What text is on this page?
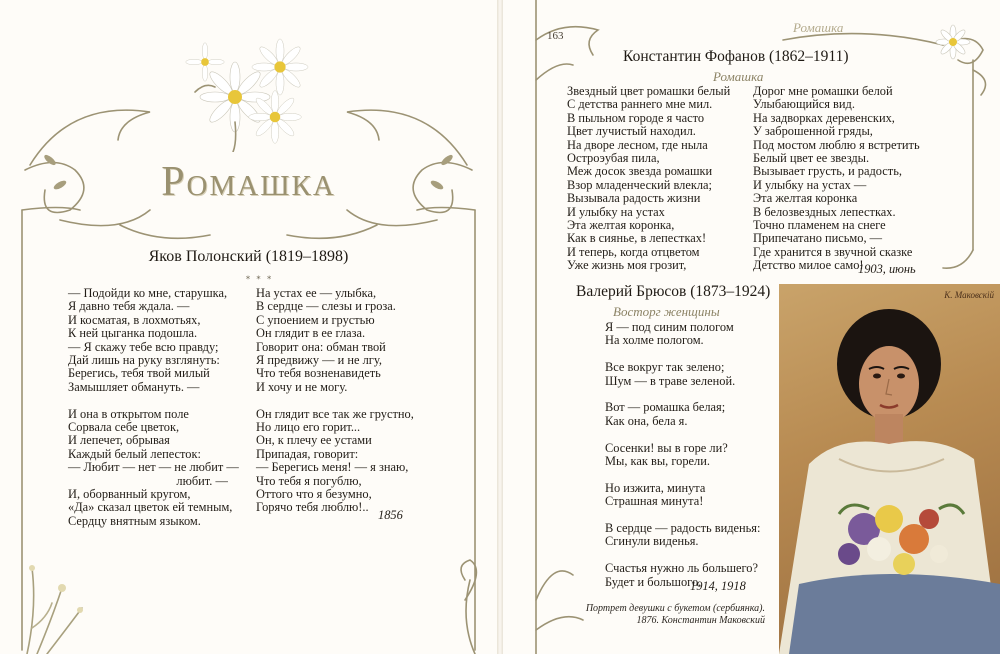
Ромашка
Яков Полонский (1819–1898)
* * *
— Подойди ко мне, старушка,
Я давно тебя ждала. —
И косматая, в лохмотьях,
К ней цыганка подошла.
— Я скажу тебе всю правду;
Дай лишь на руку взглянуть:
Берегись, тебя твой милый
Замышляет обмануть. —
И она в открытом поле
Сорвала себе цветок,
И лепечет, обрывая
Каждый белый лепесток:
— Любит — нет — не любит —
любит. —
И, оборванный кругом,
«Да» сказал цветок ей темным,
Сердцу внятным языком.
На устах ее — улыбка,
В сердце — слезы и гроза.
С упоением и грустью
Он глядит в ее глаза.
Говорит она: обман твой
Я предвижу — и не лгу,
Что тебя возненавидеть
И хочу и не могу.
Он глядит все так же грустно,
Но лицо его горит...
Он, к плечу ее устами
Припадая, говорит:
— Берегись меня! — я знаю,
Что тебя я погублю,
Оттого что я безумно,
Горячо тебя люблю!..
1856
163
Ромашка
Константин Фофанов (1862–1911)
Ромашка
Звездный цвет ромашки белый
С детства раннего мне мил.
В пыльном городе я часто
Цвет лучистый находил.
На дворе лесном, где ныла
Остроэубая пила,
Меж досок звезда ромашки
Взор младенческий влекла;
Вызывала радость жизни
И улыбку на устах
Эта желтая коронка,
Как в сиянье, в лепестках!
И теперь, когда отцветом
Уже жизнь моя грозит,
Дорог мне ромашки белой
Улыбающийся вид.
На задворках деревенских,
У заброшенной гряды,
Под мостом люблю я встретить
Белый цвет ее звезды.
Вызывает грусть, и радость,
И улыбку на устах —
Эта желтая коронка
В белозвездных лепестках.
Точно пламенем на снеге
Припечатано письмо, —
Где хранится в звучной сказке
Детство милое само!
1903, июнь
Валерий Брюсов (1873–1924)
Восторг женщины
Я — под синим пологом
На холме пологом.
Все вокруг так зелено;
Шум — в траве зеленой.
Вот — ромашка белая;
Как она, бела я.
Сосенки! вы в горе ли?
Мы, как вы, горели.
Но изжита, минута
Страшная минута!
В сердце — радость виденья:
Сгинули виденья.
Счастья нужно ль большего?
Будет и большого.
1914, 1918
Портрет девушки с букетом (сербиянка).
1876. Константин Маковский
К. Маковскiй
